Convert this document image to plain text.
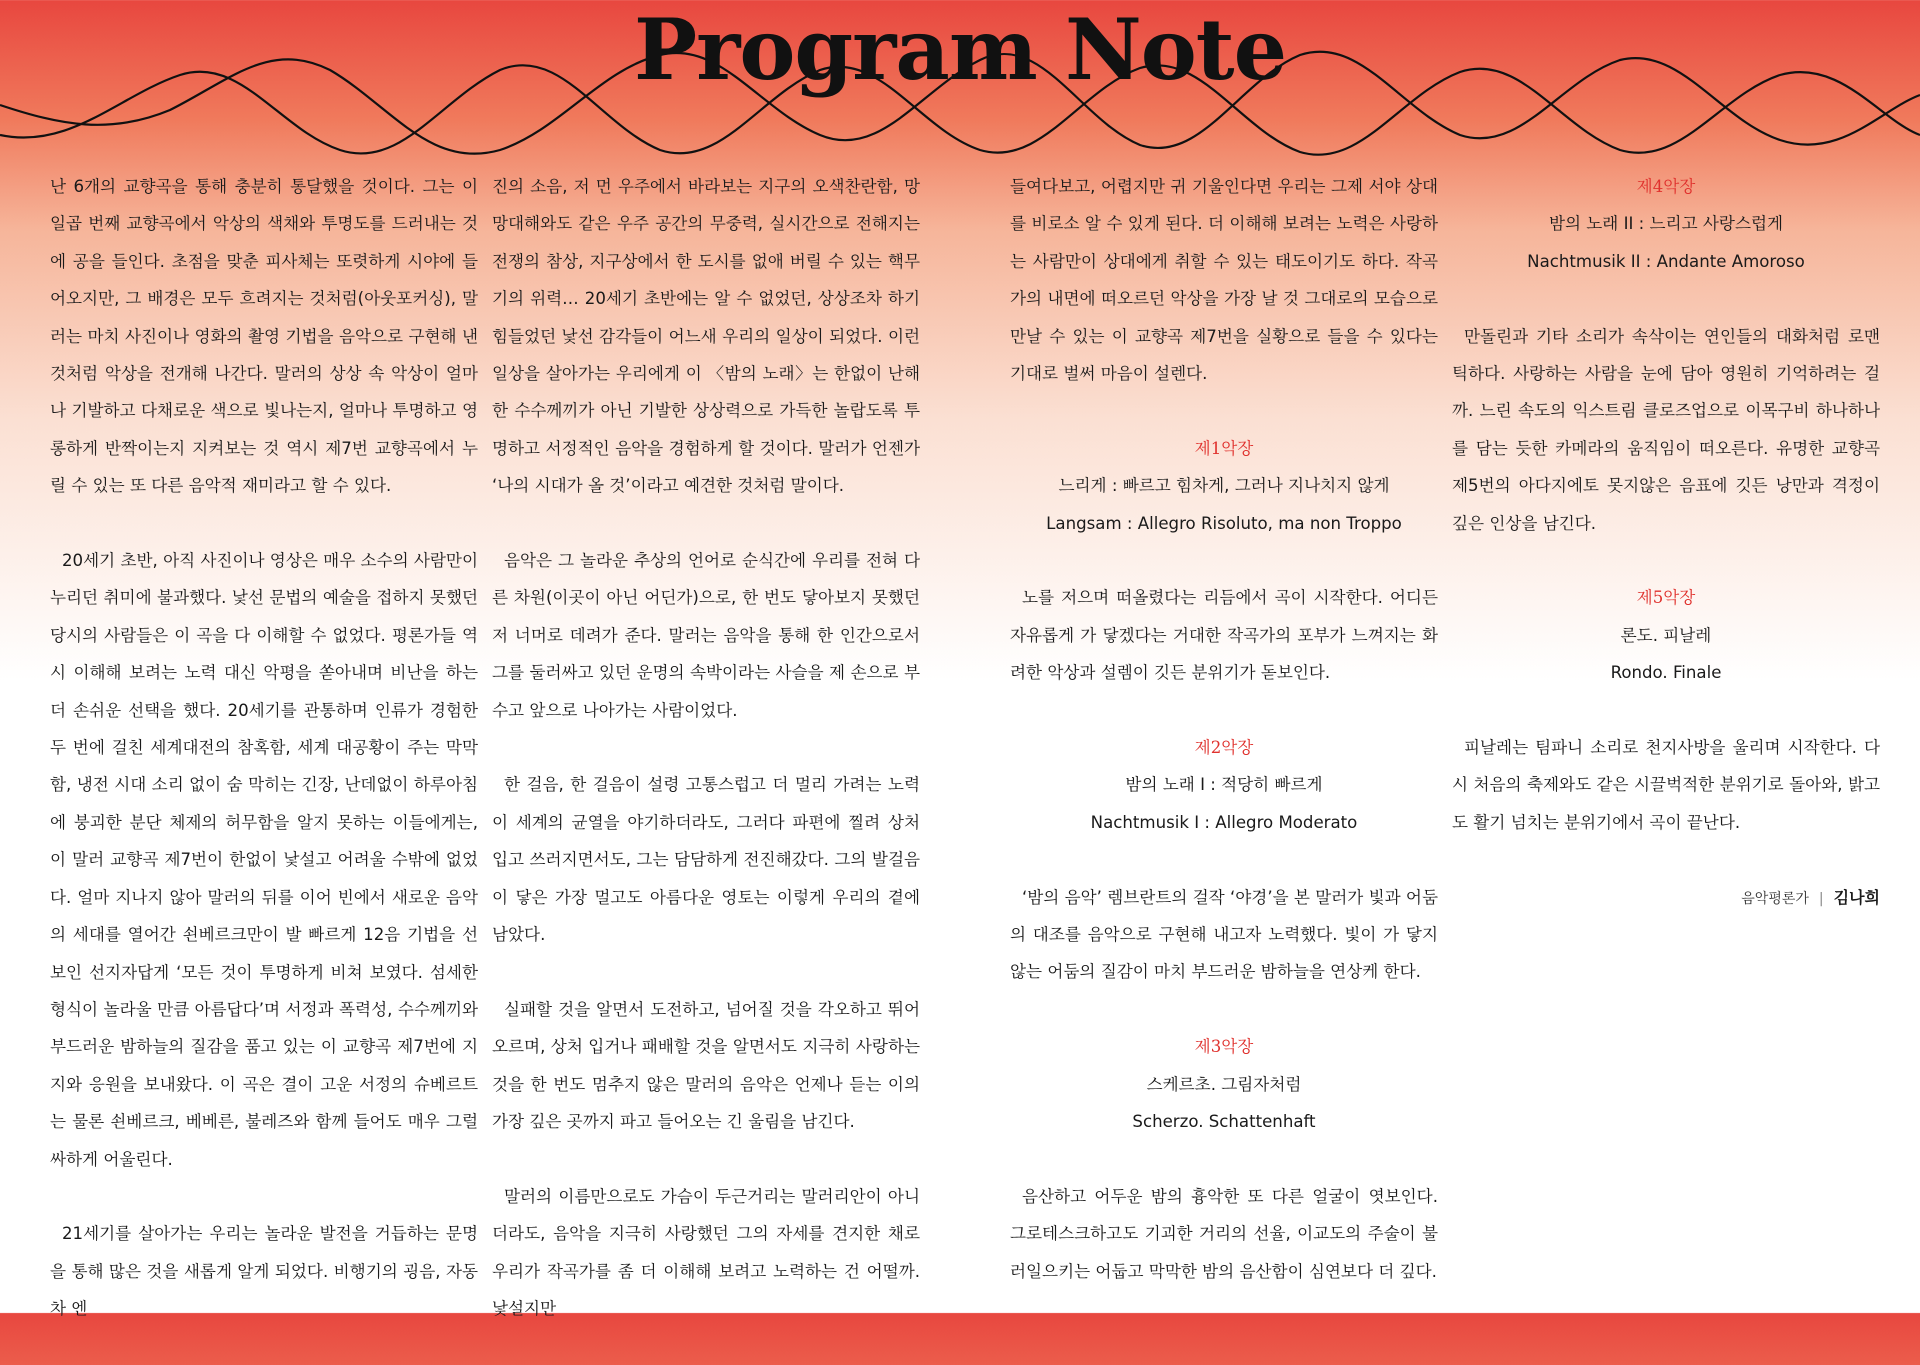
Program Note

난 6개의 교향곡을 통해 충분히 통달했을 것이다. 그는 이 일곱 번째 교향곡에서 악상의 색채와 투명도를 드러내는 것에 공을 들인다. 초점을 맞춘 피사체는 또렷하게 시야에 들어오지만, 그 배경은 모두 흐려지는 것처럼(아웃포커싱), 말러는 마치 사진이나 영화의 촬영 기법을 음악으로 구현해 낸 것처럼 악상을 전개해 나간다. 말러의 상상 속 악상이 얼마나 기발하고 다채로운 색으로 빛나는지, 얼마나 투명하고 영롱하게 반짝이는지 지켜보는 것 역시 제7번 교향곡에서 누릴 수 있는 또 다른 음악적 재미라고 할 수 있다.

20세기 초반, 아직 사진이나 영상은 매우 소수의 사람만이 누리던 취미에 불과했다. 낯선 문법의 예술을 접하지 못했던 당시의 사람들은 이 곡을 다 이해할 수 없었다. 평론가들 역시 이해해 보려는 노력 대신 악평을 쏟아내며 비난을 하는 더 손쉬운 선택을 했다. 20세기를 관통하며 인류가 경험한 두 번에 걸친 세계대전의 참혹함, 세계 대공황이 주는 막막함, 냉전 시대 소리 없이 숨 막히는 긴장, 난데없이 하루아침에 붕괴한 분단 체제의 허무함을 알지 못하는 이들에게는, 이 말러 교향곡 제7번이 한없이 낯설고 어려울 수밖에 없었다. 얼마 지나지 않아 말러의 뒤를 이어 빈에서 새로운 음악의 세대를 열어간 쇤베르크만이 발 빠르게 12음 기법을 선보인 선지자답게 ‘모든 것이 투명하게 비쳐 보였다. 섬세한 형식이 놀라울 만큼 아름답다’며 서정과 폭력성, 수수께끼와 부드러운 밤하늘의 질감을 품고 있는 이 교향곡 제7번에 지지와 응원을 보내왔다. 이 곡은 결이 고운 서정의 슈베르트는 물론 쇤베르크, 베베른, 불레즈와 함께 들어도 매우 그럴싸하게 어울린다.

21세기를 살아가는 우리는 놀라운 발전을 거듭하는 문명을 통해 많은 것을 새롭게 알게 되었다. 비행기의 굉음, 자동차 엔

진의 소음, 저 먼 우주에서 바라보는 지구의 오색찬란함, 망망대해와도 같은 우주 공간의 무중력, 실시간으로 전해지는 전쟁의 참상, 지구상에서 한 도시를 없애 버릴 수 있는 핵무기의 위력… 20세기 초반에는 알 수 없었던, 상상조차 하기 힘들었던 낯선 감각들이 어느새 우리의 일상이 되었다. 이런 일상을 살아가는 우리에게 이 〈밤의 노래〉는 한없이 난해한 수수께끼가 아닌 기발한 상상력으로 가득한 놀랍도록 투명하고 서정적인 음악을 경험하게 할 것이다. 말러가 언젠가 ‘나의 시대가 올 것’이라고 예견한 것처럼 말이다.

음악은 그 놀라운 추상의 언어로 순식간에 우리를 전혀 다른 차원(이곳이 아닌 어딘가)으로, 한 번도 닿아보지 못했던 저 너머로 데려가 준다. 말러는 음악을 통해 한 인간으로서 그를 둘러싸고 있던 운명의 속박이라는 사슬을 제 손으로 부수고 앞으로 나아가는 사람이었다.

한 걸음, 한 걸음이 설령 고통스럽고 더 멀리 가려는 노력이 세계의 균열을 야기하더라도, 그러다 파편에 찔려 상처 입고 쓰러지면서도, 그는 담담하게 전진해갔다. 그의 발걸음이 닿은 가장 멀고도 아름다운 영토는 이렇게 우리의 곁에 남았다.

실패할 것을 알면서 도전하고, 넘어질 것을 각오하고 뛰어오르며, 상처 입거나 패배할 것을 알면서도 지극히 사랑하는 것을 한 번도 멈추지 않은 말러의 음악은 언제나 듣는 이의 가장 깊은 곳까지 파고 들어오는 긴 울림을 남긴다.

말러의 이름만으로도 가슴이 두근거리는 말러리안이 아니더라도, 음악을 지극히 사랑했던 그의 자세를 견지한 채로 우리가 작곡가를 좀 더 이해해 보려고 노력하는 건 어떨까. 낯설지만

들여다보고, 어렵지만 귀 기울인다면 우리는 그제 서야 상대를 비로소 알 수 있게 된다. 더 이해해 보려는 노력은 사랑하는 사람만이 상대에게 취할 수 있는 태도이기도 하다. 작곡가의 내면에 떠오르던 악상을 가장 날 것 그대로의 모습으로 만날 수 있는 이 교향곡 제7번을 실황으로 들을 수 있다는 기대로 벌써 마음이 설렌다.

제1악장
느리게 : 빠르고 힘차게, 그러나 지나치지 않게
Langsam : Allegro Risoluto, ma non Troppo

노를 저으며 떠올렸다는 리듬에서 곡이 시작한다. 어디든 자유롭게 가 닿겠다는 거대한 작곡가의 포부가 느껴지는 화려한 악상과 설렘이 깃든 분위기가 돋보인다.

제2악장
밤의 노래 I : 적당히 빠르게
Nachtmusik I : Allegro Moderato

‘밤의 음악’ 렘브란트의 걸작 ‘야경’을 본 말러가 빛과 어둠의 대조를 음악으로 구현해 내고자 노력했다. 빛이 가 닿지 않는 어둠의 질감이 마치 부드러운 밤하늘을 연상케 한다.

제3악장
스케르초. 그림자처럼
Scherzo. Schattenhaft

음산하고 어두운 밤의 흉악한 또 다른 얼굴이 엿보인다. 그로테스크하고도 기괴한 거리의 선율, 이교도의 주술이 불러일으키는 어둡고 막막한 밤의 음산함이 심연보다 더 깊다.

제4악장
밤의 노래 II : 느리고 사랑스럽게
Nachtmusik II : Andante Amoroso

만돌린과 기타 소리가 속삭이는 연인들의 대화처럼 로맨틱하다. 사랑하는 사람을 눈에 담아 영원히 기억하려는 걸까. 느린 속도의 익스트림 클로즈업으로 이목구비 하나하나를 담는 듯한 카메라의 움직임이 떠오른다. 유명한 교향곡 제5번의 아다지에토 못지않은 음표에 깃든 낭만과 격정이 깊은 인상을 남긴다.

제5악장
론도. 피날레
Rondo. Finale

피날레는 팀파니 소리로 천지사방을 울리며 시작한다. 다시 처음의 축제와도 같은 시끌벅적한 분위기로 돌아와, 밝고도 활기 넘치는 분위기에서 곡이 끝난다.

음악평론가 | 김나희
